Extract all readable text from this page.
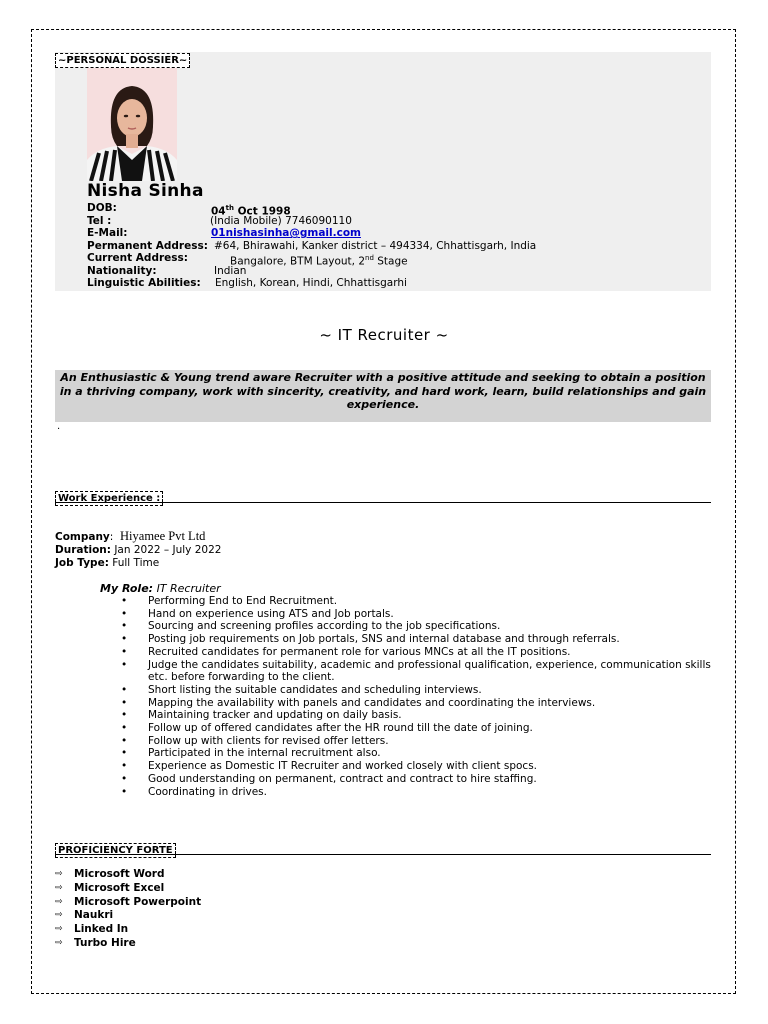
~PERSONAL DOSSIER~
Nisha Sinha
DOB:	04th Oct 1998
Tel :	(India Mobile) 7746090110
E-Mail:	01nishasinha@gmail.com
Permanent Address: #64, Bhirawahi, Kanker district – 494334, Chhattisgarh, India
Current Address:	Bangalore, BTM Layout, 2nd Stage
Nationality:	Indian
Linguistic Abilities: English, Korean, Hindi, Chhattisgarhi
~ IT Recruiter ~
An Enthusiastic & Young trend aware Recruiter with a positive attitude and seeking to obtain a position in a thriving company, work with sincerity, creativity, and hard work, learn, build relationships and gain experience.
.
Work Experience :
Company:  Hiyamee Pvt Ltd
Duration: Jan 2022 – July 2022
Job Type: Full Time
My Role: IT Recruiter
• Performing End to End Recruitment.
• Hand on experience using ATS and Job portals.
• Sourcing and screening profiles according to the job specifications.
• Posting job requirements on Job portals, SNS and internal database and through referrals.
• Recruited candidates for permanent role for various MNCs at all the IT positions.
• Judge the candidates suitability, academic and professional qualification, experience, communication skills etc. before forwarding to the client.
• Short listing the suitable candidates and scheduling interviews.
• Mapping the availability with panels and candidates and coordinating the interviews.
• Maintaining tracker and updating on daily basis.
• Follow up of offered candidates after the HR round till the date of joining.
• Follow up with clients for revised offer letters.
• Participated in the internal recruitment also.
• Experience as Domestic IT Recruiter and worked closely with client spocs.
• Good understanding on permanent, contract and contract to hire staffing.
• Coordinating in drives.
PROFICIENCY FORTE
⇨ Microsoft Word
⇨ Microsoft Excel
⇨ Microsoft Powerpoint
⇨ Naukri
⇨ Linked In
⇨ Turbo Hire
